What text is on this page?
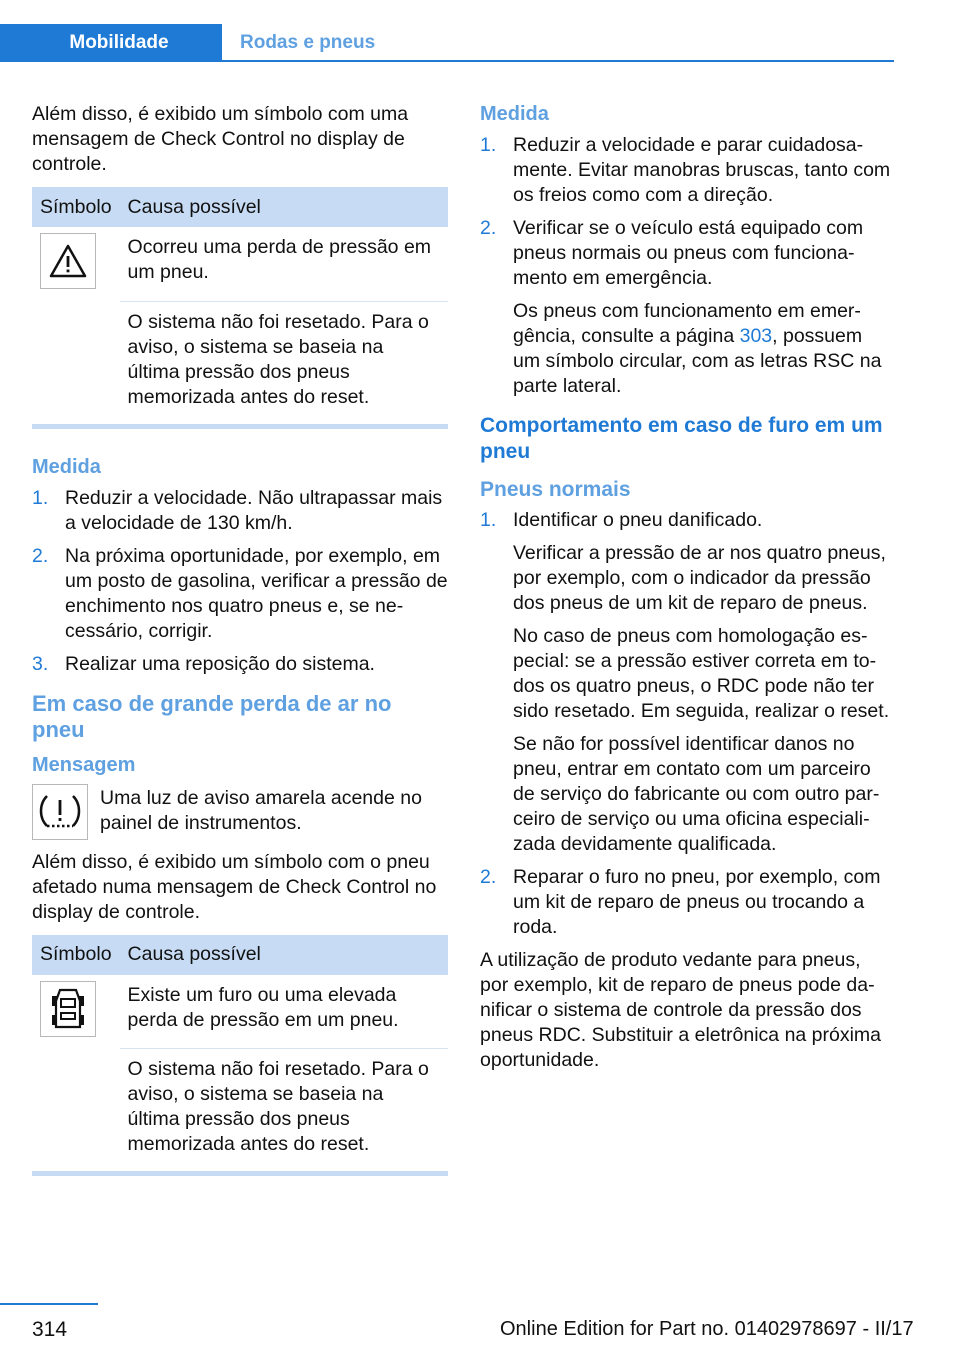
Mobilidade	Rodas e pneus

Além disso, é exibido um símbolo com uma mensagem de Check Control no display de controle.

Símbolo	Causa possível

	Ocorreu uma perda de pressão em um pneu.
	O sistema não foi resetado. Para o aviso, o sistema se baseia na última pressão dos pneus memorizada antes do reset.
Medida
1. Reduzir a velocidade. Não ultrapassar mais a velocidade de 130 km/h.
2. Na próxima oportunidade, por exemplo, em um posto de gasolina, verificar a pressão de enchimento nos quatro pneus e, se ne‐cessário, corrigir.
3. Realizar uma reposição do sistema.
Em caso de grande perda de ar no pneu
Mensagem
Uma luz de aviso amarela acende no painel de instrumentos.

Além disso, é exibido um símbolo com o pneu afetado numa mensagem de Check Control no display de controle.

Símbolo	Causa possível

	Existe um furo ou uma elevada perda de pressão em um pneu.
	O sistema não foi resetado. Para o aviso, o sistema se baseia na última pressão dos pneus memorizada antes do reset.
Medida
1. Reduzir a velocidade e parar cuidadosa‐mente. Evitar manobras bruscas, tanto com os freios como com a direção.
2. Verificar se o veículo está equipado com pneus normais ou pneus com funciona‐mento em emergência.
Os pneus com funcionamento em emer‐gência, consulte a página 303, possuem um símbolo circular, com as letras RSC na parte lateral.
Comportamento em caso de furo em um pneu
Pneus normais
1. Identificar o pneu danificado.
Verificar a pressão de ar nos quatro pneus, por exemplo, com o indicador da pressão dos pneus de um kit de reparo de pneus.
No caso de pneus com homologação es‐pecial: se a pressão estiver correta em to‐dos os quatro pneus, o RDC pode não ter sido resetado. Em seguida, realizar o reset.
Se não for possível identificar danos no pneu, entrar em contato com um parceiro de serviço do fabricante ou com outro par‐ceiro de serviço ou uma oficina especiali‐zada devidamente qualificada.
2. Reparar o furo no pneu, por exemplo, com um kit de reparo de pneus ou trocando a roda.

A utilização de produto vedante para pneus, por exemplo, kit de reparo de pneus pode da‐nificar o sistema de controle da pressão dos pneus RDC. Substituir a eletrônica na próxima oportunidade.

314	Online Edition for Part no. 01402978697 - II/17
